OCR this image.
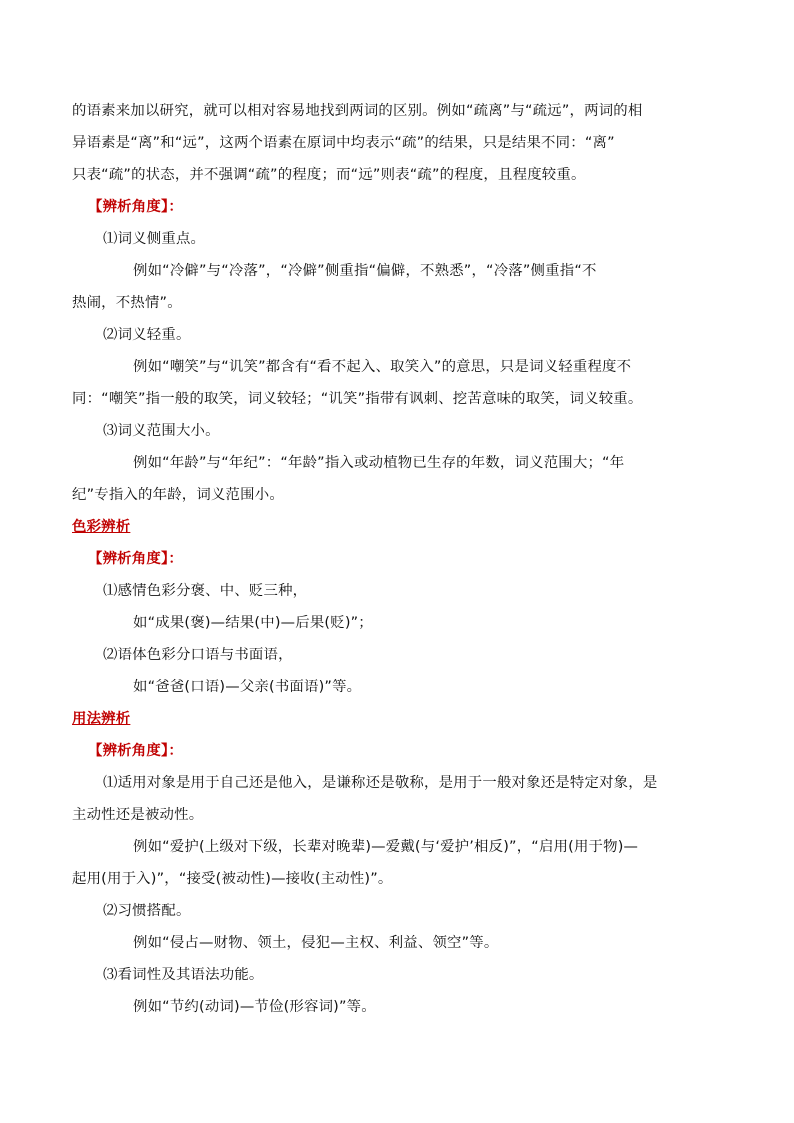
的语素来加以研究，就可以相对容易地找到两词的区别。例如“疏离”与“疏远”，两词的相
异语素是“离”和“远”，这两个语素在原词中均表示“疏”的结果，只是结果不同：“离”
只表“疏”的状态，并不强调“疏”的程度；而“远”则表“疏”的程度，且程度较重。
【辨析角度】：
⑴词义侧重点。
例如“冷僻”与“冷落”，“冷僻”侧重指“偏僻，不熟悉”，“冷落”侧重指“不
热闹，不热情”。
⑵词义轻重。
例如“嘲笑”与“讥笑”都含有“看不起入、取笑入”的意思，只是词义轻重程度不
同：“嘲笑”指一般的取笑，词义较轻；“讥笑”指带有讽刺、挖苦意味的取笑，词义较重。
⑶词义范围大小。
例如“年龄”与“年纪”：“年龄”指入或动植物已生存的年数，词义范围大；“年
纪”专指入的年龄，词义范围小。
色彩辨析
【辨析角度】：
⑴感情色彩分褒、中、贬三种，
如“成果(褒)—结果(中)—后果(贬)”；
⑵语体色彩分口语与书面语，
如“爸爸(口语)—父亲(书面语)”等。
用法辨析
【辨析角度】：
⑴适用对象是用于自己还是他入，是谦称还是敬称，是用于一般对象还是特定对象，是
主动性还是被动性。
例如“爱护(上级对下级，长辈对晚辈)—爱戴(与‘爱护’相反)”，“启用(用于物)—
起用(用于入)”，“接受(被动性)—接收(主动性)”。
⑵习惯搭配。
例如“侵占—财物、领土，侵犯—主权、利益、领空”等。
⑶看词性及其语法功能。
例如“节约(动词)—节俭(形容词)”等。
